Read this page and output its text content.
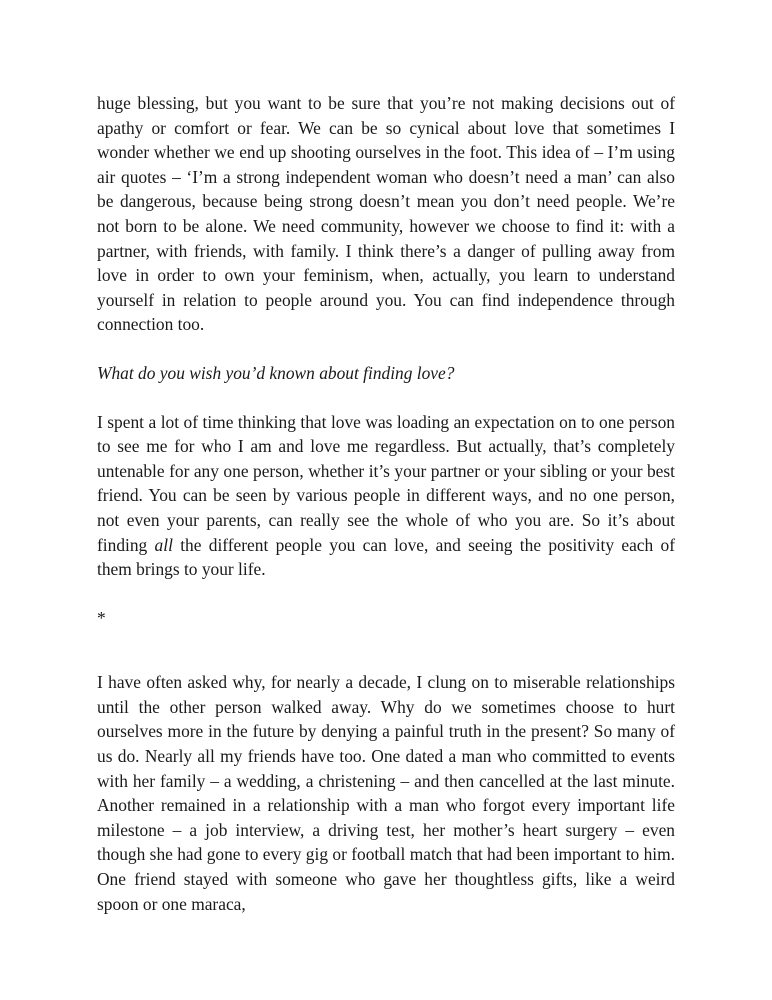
huge blessing, but you want to be sure that you’re not making decisions out of apathy or comfort or fear. We can be so cynical about love that sometimes I wonder whether we end up shooting ourselves in the foot. This idea of – I’m using air quotes – ‘I’m a strong independent woman who doesn’t need a man’ can also be dangerous, because being strong doesn’t mean you don’t need people. We’re not born to be alone. We need community, however we choose to find it: with a partner, with friends, with family. I think there’s a danger of pulling away from love in order to own your feminism, when, actually, you learn to understand yourself in relation to people around you. You can find independence through connection too.

What do you wish you’d known about finding love?

I spent a lot of time thinking that love was loading an expectation on to one person to see me for who I am and love me regardless. But actually, that’s completely untenable for any one person, whether it’s your partner or your sibling or your best friend. You can be seen by various people in different ways, and no one person, not even your parents, can really see the whole of who you are. So it’s about finding all the different people you can love, and seeing the positivity each of them brings to your life.

*

I have often asked why, for nearly a decade, I clung on to miserable relationships until the other person walked away. Why do we sometimes choose to hurt ourselves more in the future by denying a painful truth in the present? So many of us do. Nearly all my friends have too. One dated a man who committed to events with her family – a wedding, a christening – and then cancelled at the last minute. Another remained in a relationship with a man who forgot every important life milestone – a job interview, a driving test, her mother’s heart surgery – even though she had gone to every gig or football match that had been important to him. One friend stayed with someone who gave her thoughtless gifts, like a weird spoon or one maraca,
